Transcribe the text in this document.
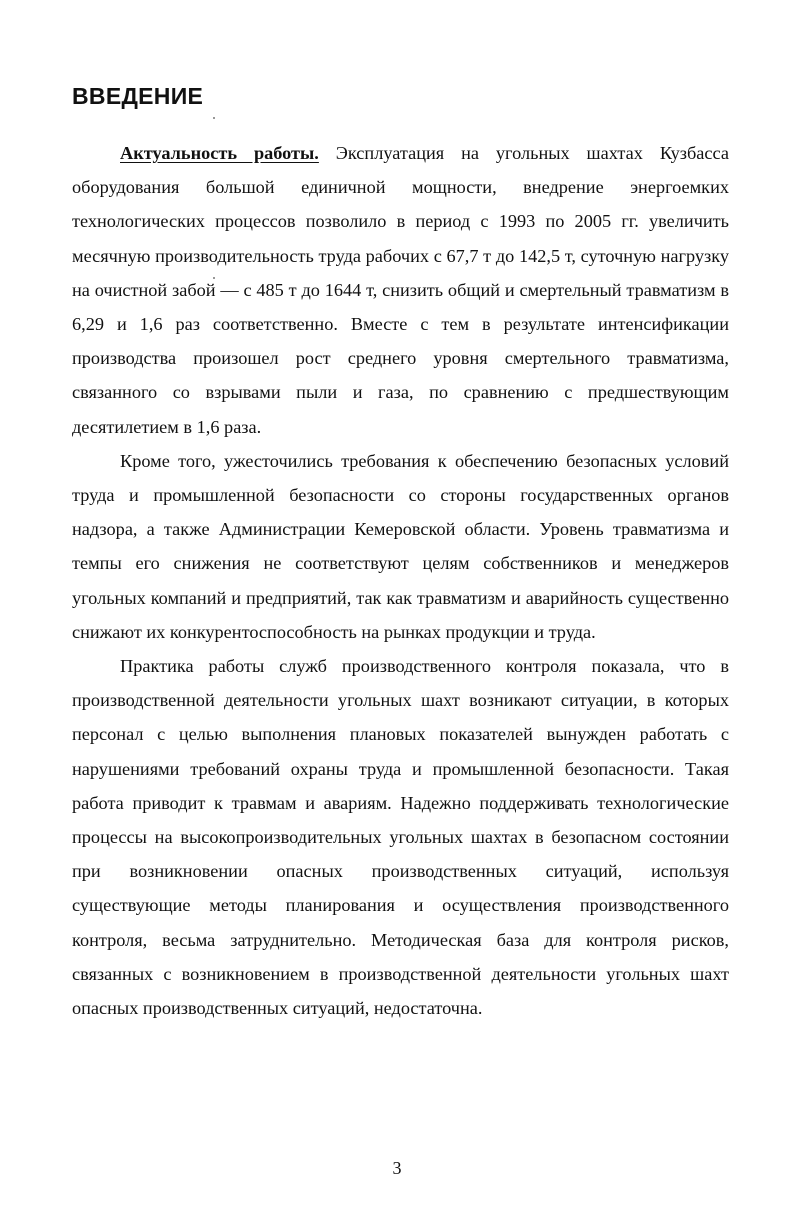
ВВЕДЕНИЕ

Актуальность работы. Эксплуатация на угольных шахтах Кузбасса оборудования большой единичной мощности, внедрение энергоемких технологических процессов позволило в период с 1993 по 2005 гг. увеличить месячную производительность труда рабочих с 67,7 т до 142,5 т, суточную нагрузку на очистной забой — с 485 т до 1644 т, снизить общий и смертельный травматизм в 6,29 и 1,6 раз соответственно. Вместе с тем в результате интенсификации производства произошел рост среднего уровня смертельного травматизма, связанного со взрывами пыли и газа, по сравнению с предшествующим десятилетием в 1,6 раза.

Кроме того, ужесточились требования к обеспечению безопасных условий труда и промышленной безопасности со стороны государственных органов надзора, а также Администрации Кемеровской области. Уровень травматизма и темпы его снижения не соответствуют целям собственников и менеджеров угольных компаний и предприятий, так как травматизм и аварийность существенно снижают их конкурентоспособность на рынках продукции и труда.

Практика работы служб производственного контроля показала, что в производственной деятельности угольных шахт возникают ситуации, в которых персонал с целью выполнения плановых показателей вынужден работать с нарушениями требований охраны труда и промышленной безопасности. Такая работа приводит к травмам и авариям. Надежно поддерживать технологические процессы на высокопроизводительных угольных шахтах в безопасном состоянии при возникновении опасных производственных ситуаций, используя существующие методы планирования и осуществления производственного контроля, весьма затруднительно. Методическая база для контроля рисков, связанных с возникновением в производственной деятельности угольных шахт опасных производственных ситуаций, недостаточна.

3
